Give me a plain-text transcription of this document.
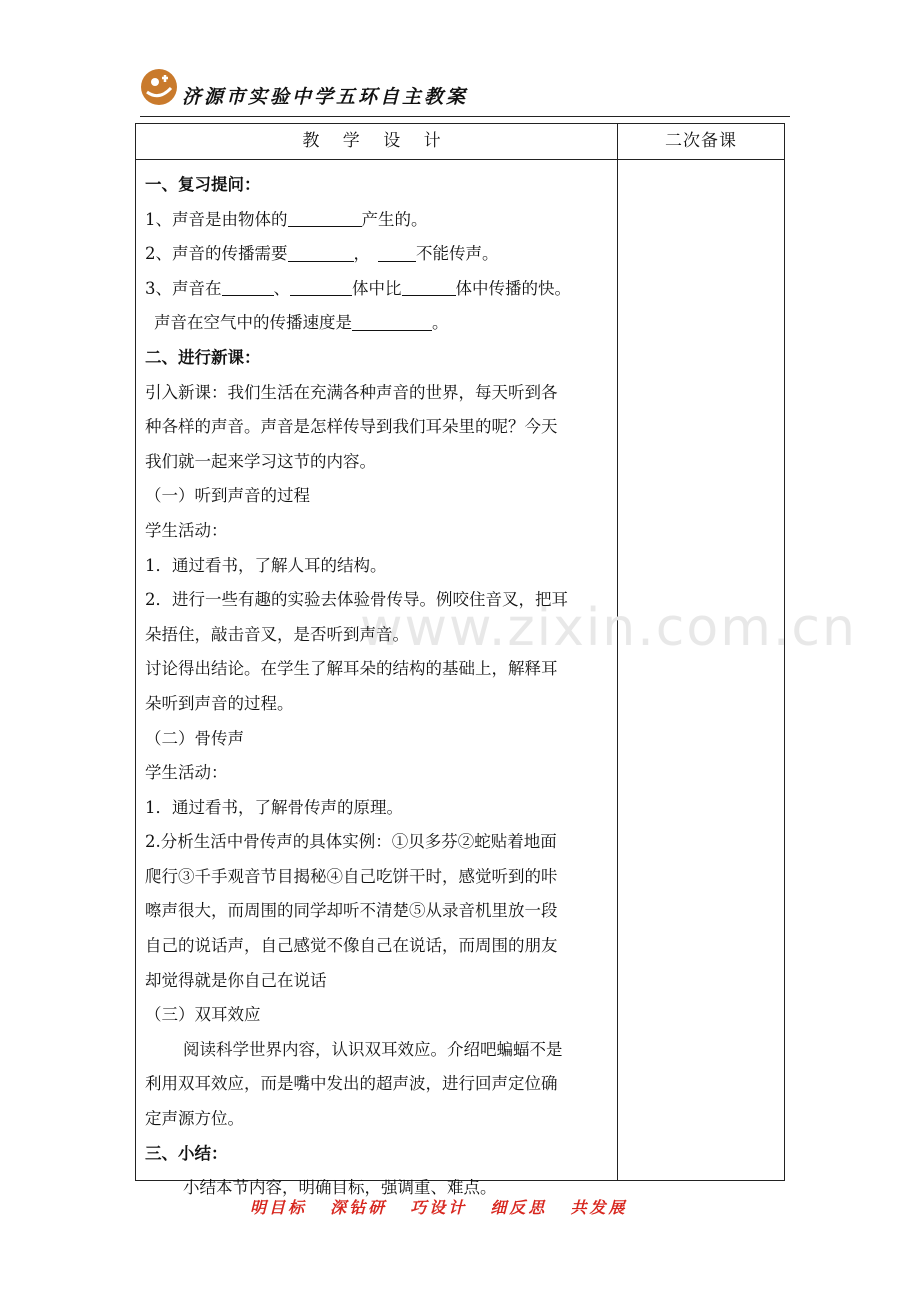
济源市实验中学五环自主教案
教 学 设 计	二次备课
www.zixin.com.cn
一、复习提问：
1、声音是由物体的	产生的。
2、声音的传播需要	，	不能传声。
3、声音在	、	体中比	体中传播的快。
声音在空气中的传播速度是	。
二、进行新课：
引入新课：我们生活在充满各种声音的世界，每天听到各
种各样的声音。声音是怎样传导到我们耳朵里的呢？今天
我们就一起来学习这节的内容。
（一）听到声音的过程
学生活动：
1．通过看书，了解人耳的结构。
2．进行一些有趣的实验去体验骨传导。例咬住音叉，把耳
朵捂住，敲击音叉，是否听到声音。
讨论得出结论。在学生了解耳朵的结构的基础上，解释耳
朵听到声音的过程。
（二）骨传声
学生活动：
1．通过看书，了解骨传声的原理。
2.分析生活中骨传声的具体实例：①贝多芬②蛇贴着地面
爬行③千手观音节目揭秘④自己吃饼干时，感觉听到的咔
嚓声很大，而周围的同学却听不清楚⑤从录音机里放一段
自己的说话声，自己感觉不像自己在说话，而周围的朋友
却觉得就是你自己在说话
（三）双耳效应
阅读科学世界内容，认识双耳效应。介绍吧蝙蝠不是
利用双耳效应，而是嘴中发出的超声波，进行回声定位确
定声源方位。
三、小结：
小结本节内容，明确目标，强调重、难点。
明目标 深钻研 巧设计 细反思 共发展
